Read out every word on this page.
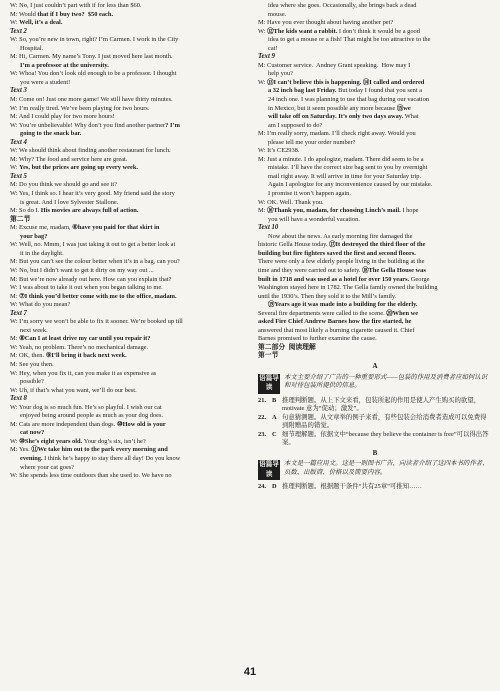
W: No, I just couldn’t part with if for less than $60.
M: Would that if I buy two?  $50 each.
W: Well, it’s a deal.
Text 2
W: So, you’re new in town, right? I’m Carmen. I work in the City
Hospital.
M: Hi, Carmen. My name’s Tony. I just moved here last month.
I’m a professor at the university.
W: Whoa! You don’t look old enough to be a professor. I thought
you were a student!
Text 3
M: Come on! Just one more game! We still have thirty minutes.
W: I’m really tired. We’ve been playing for two hours.
M: And I could play for two more hours!
W: You’re unbelievable! Why don’t you find another partner? I’m
going to the snack bar.
Text 4
W: We should think about finding another restaurant for lunch.
M: Why? The food and service here are great.
W: Yes, but the prices are going up every week.
Text 5
M: Do you think we should go and see it?
W: Yes, I think so. I hear it’s very good. My friend said the story
is great. And I love Sylvester Stallone.
M: So do I. His movies are always full of action.
第二节
M: Excuse me, madam, ⑥have you paid for that skirt in
your bag?
W: Well, no. Mmm, I was just taking it out to get a better look at
it in the daylight.
M: But you can’t see the colour better when it’s in a bag, can you?
W: No, but I didn’t want to get it dirty on my way out ...
M: But we’re now already out here. How can you explain that?
W: I was about to take it out when you began talking to me.
M: ⑦I think you’d better come with me to the office, madam.
W: What do you mean?
Text 7
W: I’m sorry we won’t be able to fix it sooner. We’re booked up till
next week.
M: ⑧Can I at least drive my car until you repair it?
W: Yeah, no problem. There’s no mechanical damage.
M: OK, then. ⑨I’ll bring it back next week.
M: See you then.
W: Hey, when you fix it, can you make it as expensive as
possible?
W: Uh, if that’s what you want, we’ll do our best.
Text 8
W: Your dog is so much fun. He’s so playful. I wish our cat
enjoyed being around people as much as your dog does.
M: Cats are more independent than dogs. ⑩How old is your
cat now?
W: ⑩She’s eight years old. Your dog’s six, isn’t he?
M: Yes. ⑪We take him out to the park every morning and
evening. I think he’s happy to stay there all day! Do you know
where your cat goes?
W: She spends less time outdoors than she used to. We have no
idea where she goes. Occasionally, she brings back a dead
mouse.
M: Have you ever thought about having another pet?
W: ⑫The kids want a rabbit. I don’t think it would be a good
idea to get a mouse or a fish! That might be too attractive to the
cat!
Text 9
M: Customer service.  Andney Grant speaking.  How may I
help you?
W: ⑬I can’t believe this is happening. ⑭I called and ordered
a 32 inch bag last Friday. But today I found that you sent a
24 inch one. I was planning to use that bag during our vacation
in Mexico, but it seem possible any more because ⑮we
will take off on Saturday. It’s only two days away. What
am I supposed to do?
M: I’m really sorry, madam. I’ll check right away. Would you
please tell me your order number?
W: It’s CE2938.
M: Just a minute. I do apologize, madam. There did seem to be a
mistake. I’ll have the correct size bag sent to you by overnight
mail right away. It will arrive in time for your Saturday trip.
Again I apologize for any inconvenience caused by our mistake.
I promise it won’t happen again.
W: OK. Well. Thank you.
M: ⑯Thank you, madam, for choosing Linch’s mail. I hope
you will have a wonderful vacation.
Text 10
Now about the news. As early morning fire damaged the
historic Gella House today. ⑰It destroyed the third floor of the
building but fire fighters saved the first and second floors.
There were only a few elderly people living in the building at the
time and they were carried out to safety. ⑱The Gella House was
built in 1718 and was used as a hotel for over 150 years. George
Washington stayed here in 1782. The Gella family owned the building
until the 1930’s. Then they sold it to the Mill’s family.
⑲Years ago it was made into a building for the elderly.
Several fire departments were called to the scene. ⑳When we
asked Fire Chief Andrew Barnes how the fire started, he
answered that most likely a burning cigarette caused it. Chief
Barnes promised to further examine the cause.
第二部分  阅读理解
第一节
A
语篇导读
本文主要介绍了广告的一种重要形式——包装的作用及消费者应如何认识和对待包装所提供的信息。
21. B 推理判断题。从上下文来看，包装所起的作用是使人产生购买的欲望，motivate 意为“促动；激发”。
22. A 句意猜测题。从文章举的例子来看，有些包装会给消费者造成可以免费得到附赠品的错觉。
23. C 细节理解题。依据文中“because they believe the container is free”可以得出答案。
B
语篇导读
本文是一篇应用文。这是一则图书广告，向读者介绍了这四本书的作者、页数、出版商、价格以及简要内容。
24. D 推理判断题。根据题干条件“共有25章”可推知……
41
